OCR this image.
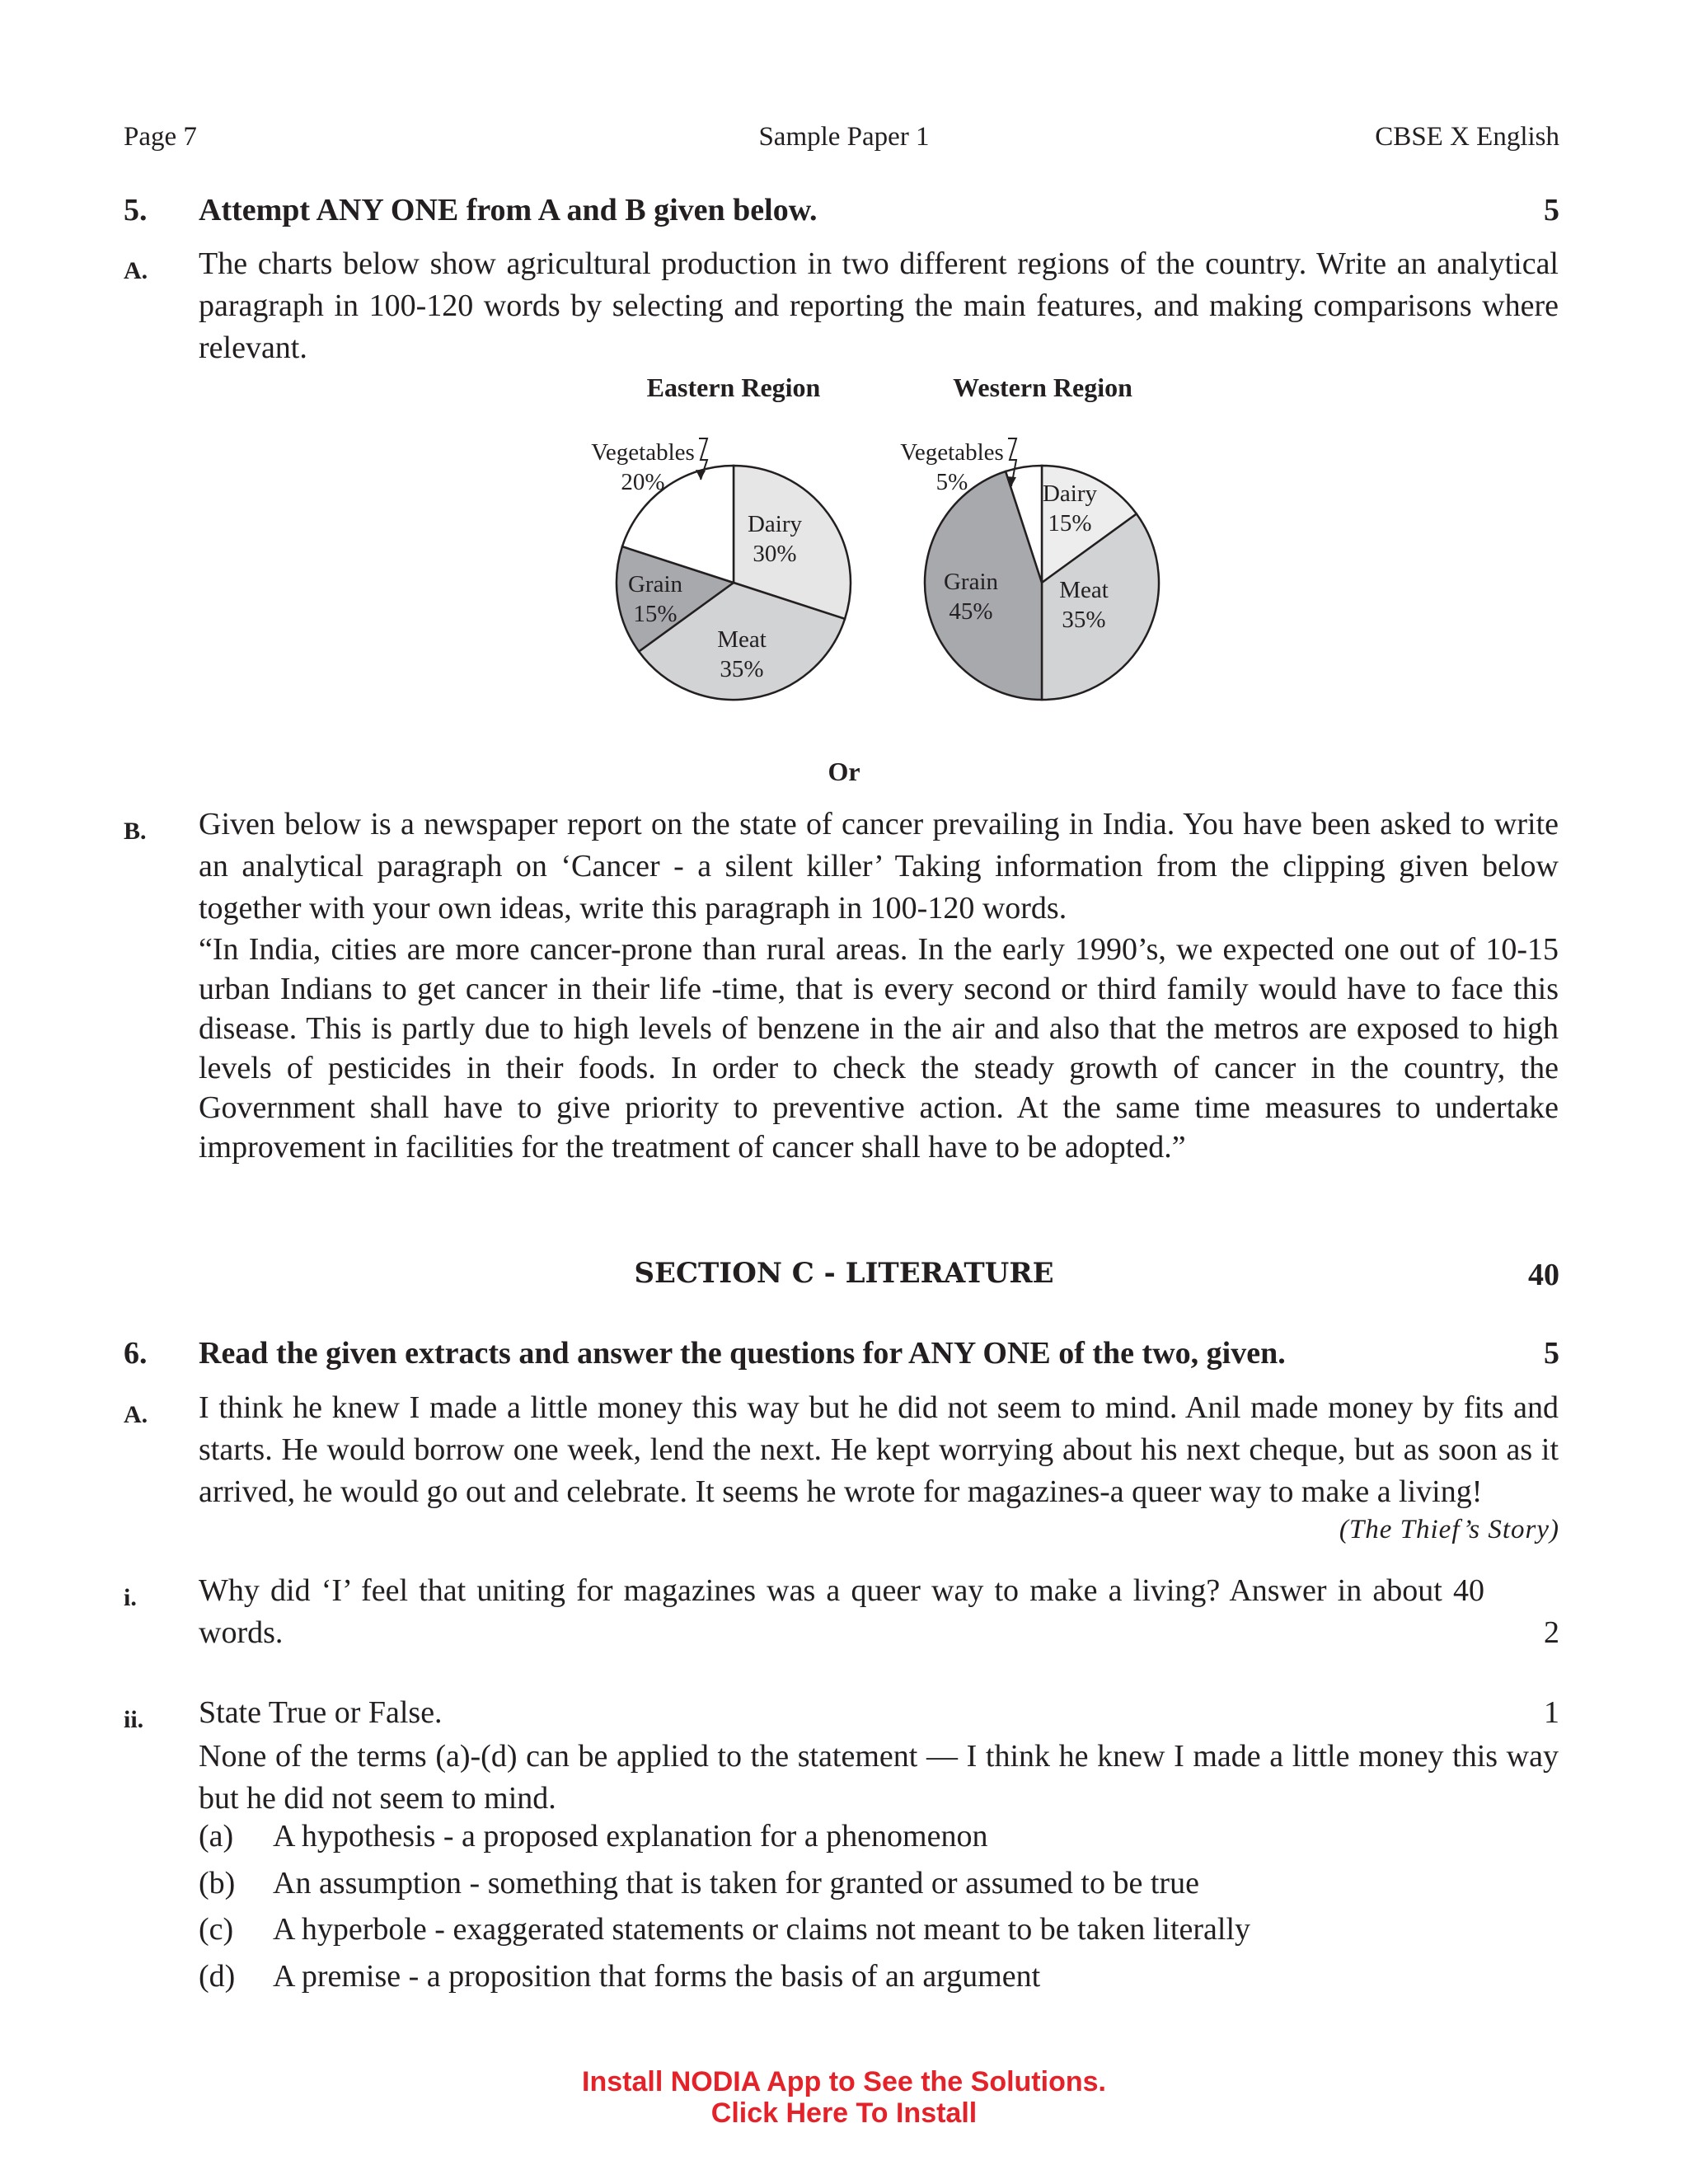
Page 7	Sample Paper 1	CBSE X English
5. Attempt ANY ONE from A and B given below.	5
A. The charts below show agricultural production in two different regions of the country. Write an analytical paragraph in 100-120 words by selecting and reporting the main features, and making comparisons where relevant.

Eastern Region	Western Region
Dairy
30%
Meat
35%
Grain
15%
Vegetables
20%	Dairy
15%
Meat
35%
Grain
45%
Vegetables
5%
Or
B. Given below is a newspaper report on the state of cancer prevailing in India. You have been asked to write an analytical paragraph on ‘Cancer - a silent killer’ Taking information from the clipping given below together with your own ideas, write this paragraph in 100-120 words.

“In India, cities are more cancer-prone than rural areas. In the early 1990’s, we expected one out of 10-15 urban Indians to get cancer in their life -time, that is every second or third family would have to face this disease. This is partly due to high levels of benzene in the air and also that the metros are exposed to high levels of pesticides in their foods. In order to check the steady growth of cancer in the country, the Government shall have to give priority to preventive action. At the same time measures to undertake improvement in facilities for the treatment of cancer shall have to be adopted.”

SECTION C - LITERATURE	40
6. Read the given extracts and answer the questions for ANY ONE of the two, given.	5
A. I think he knew I made a little money this way but he did not seem to mind. Anil made money by fits and starts. He would borrow one week, lend the next. He kept worrying about his next cheque, but as soon as it arrived, he would go out and celebrate. It seems he wrote for magazines-a queer way to make a living!

(The Thief’s Story)
i. Why did ‘I’ feel that uniting for magazines was a queer way to make a living? Answer in about 40 words.	2
ii. State True or False.	1
None of the terms (a)-(d) can be applied to the statement — I think he knew I made a little money this way but he did not seem to mind.
(a) A hypothesis - a proposed explanation for a phenomenon
(b) An assumption - something that is taken for granted or assumed to be true
(c) A hyperbole - exaggerated statements or claims not meant to be taken literally
(d) A premise - a proposition that forms the basis of an argument
Install NODIA App to See the Solutions.
Click Here To Install
